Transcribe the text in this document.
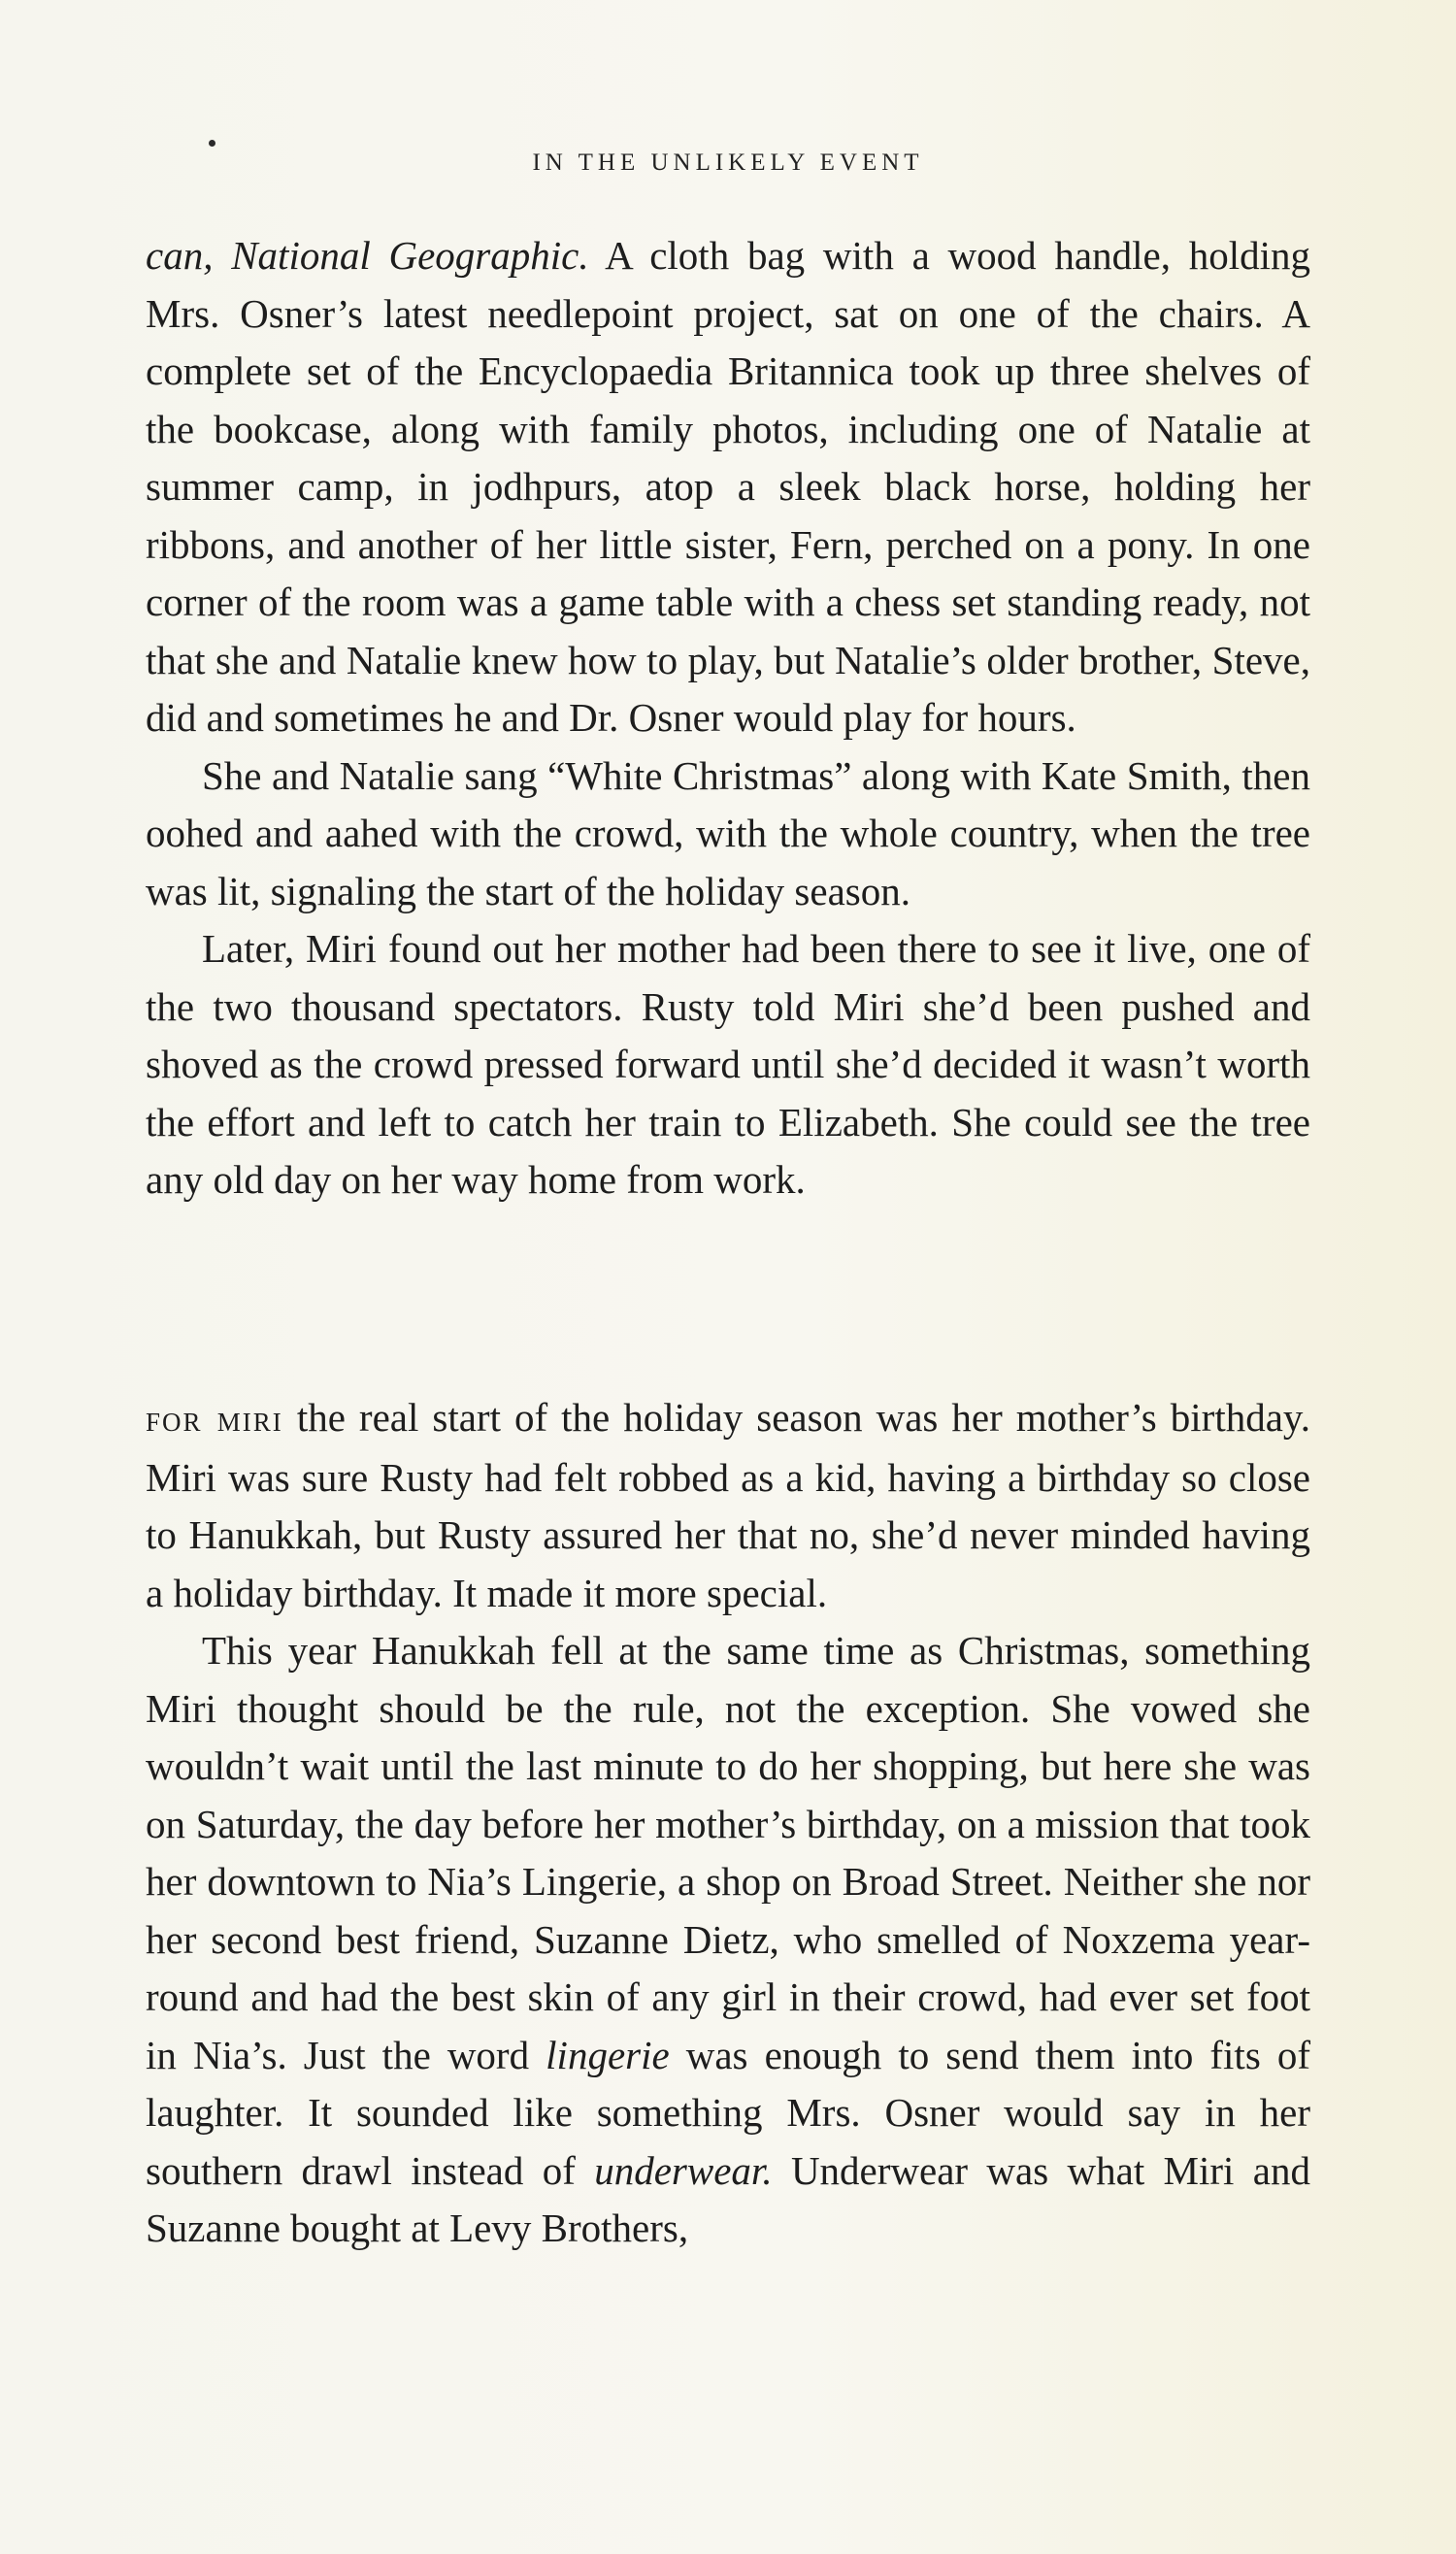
IN THE UNLIKELY EVENT

can, National Geographic. A cloth bag with a wood handle, holding Mrs. Osner’s latest needlepoint project, sat on one of the chairs. A complete set of the Encyclopaedia Britannica took up three shelves of the bookcase, along with family photos, including one of Natalie at summer camp, in jodhpurs, atop a sleek black horse, holding her ribbons, and another of her little sister, Fern, perched on a pony. In one corner of the room was a game table with a chess set standing ready, not that she and Natalie knew how to play, but Natalie’s older brother, Steve, did and sometimes he and Dr. Osner would play for hours.

She and Natalie sang “White Christmas” along with Kate Smith, then oohed and aahed with the crowd, with the whole country, when the tree was lit, signaling the start of the holiday season.

Later, Miri found out her mother had been there to see it live, one of the two thousand spectators. Rusty told Miri she’d been pushed and shoved as the crowd pressed forward until she’d decided it wasn’t worth the effort and left to catch her train to Elizabeth. She could see the tree any old day on her way home from work.

for miri the real start of the holiday season was her mother’s birthday. Miri was sure Rusty had felt robbed as a kid, having a birthday so close to Hanukkah, but Rusty assured her that no, she’d never minded having a holiday birthday. It made it more special.

This year Hanukkah fell at the same time as Christmas, something Miri thought should be the rule, not the exception. She vowed she wouldn’t wait until the last minute to do her shopping, but here she was on Saturday, the day before her mother’s birthday, on a mission that took her downtown to Nia’s Lingerie, a shop on Broad Street. Neither she nor her second best friend, Suzanne Dietz, who smelled of Noxzema year-round and had the best skin of any girl in their crowd, had ever set foot in Nia’s. Just the word lingerie was enough to send them into fits of laughter. It sounded like something Mrs. Osner would say in her southern drawl instead of underwear. Underwear was what Miri and Suzanne bought at Levy Brothers,
